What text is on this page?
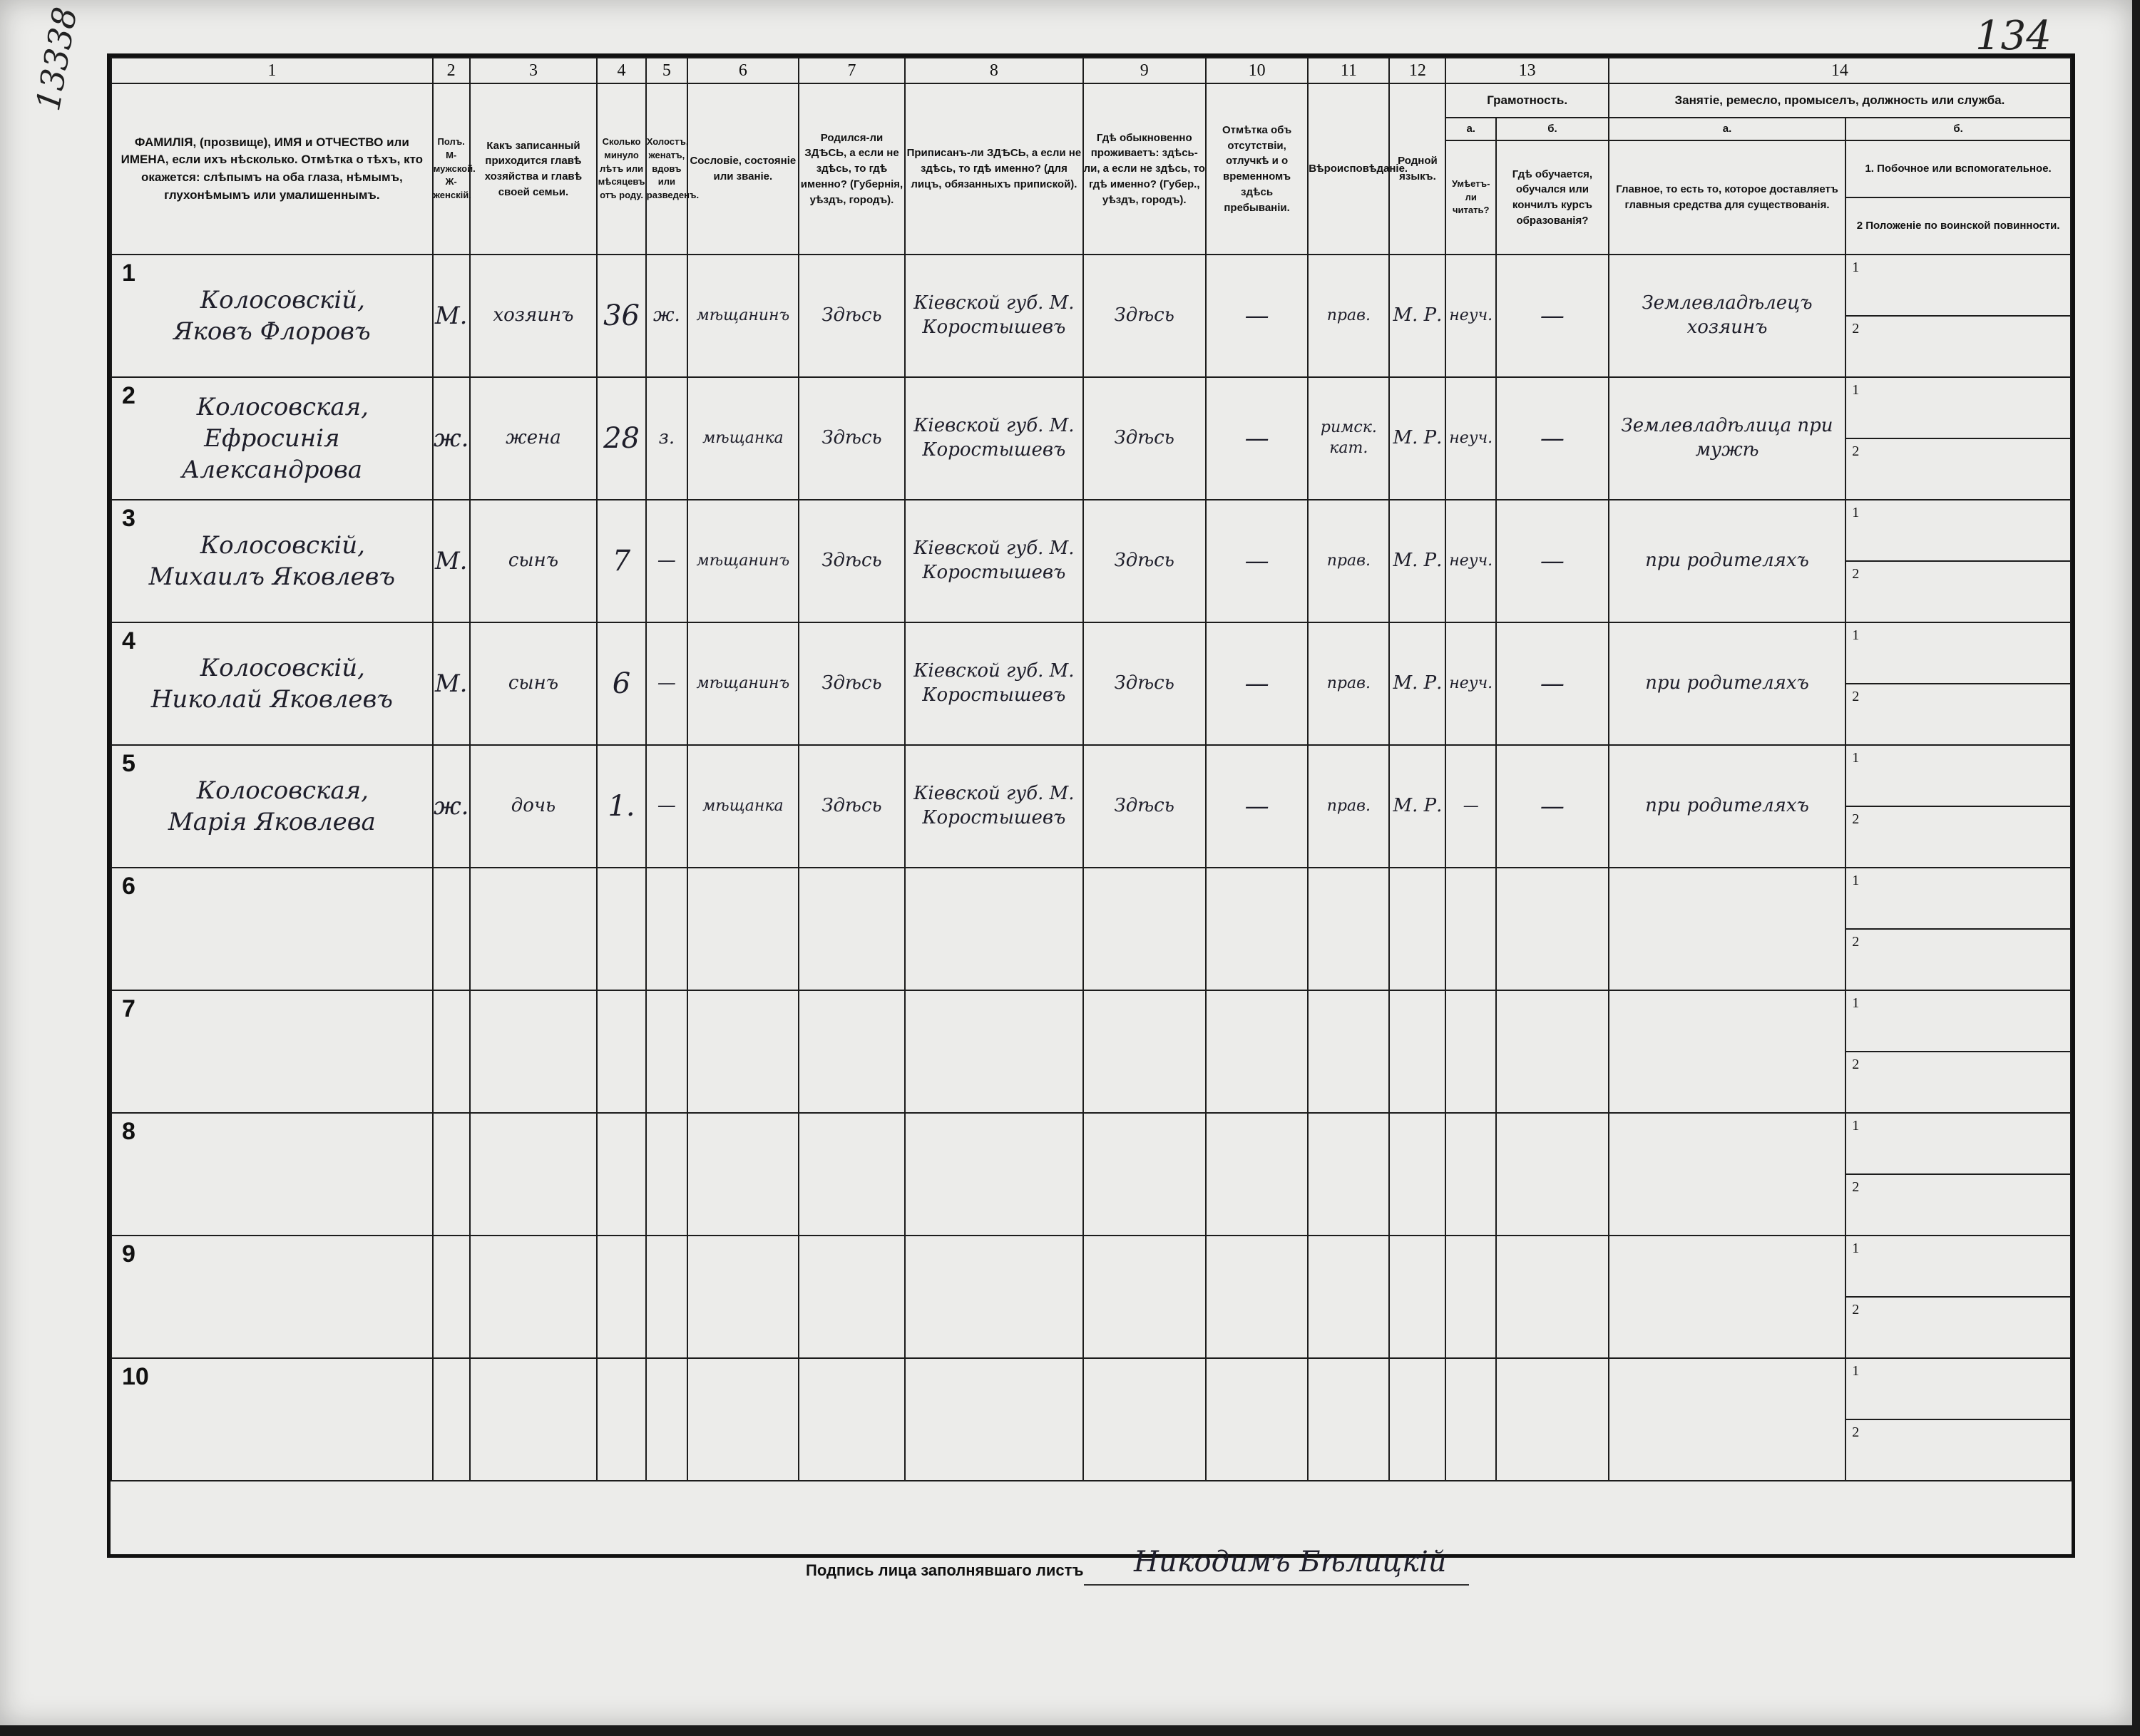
13338	134
1	2	3	4	5	6	7	8	9	10	11	12	13		14	
ФАМИЛІЯ, (прозвище), ИМЯ и ОТЧЕСТВО или ИМЕНА, если ихъ нѣсколько. Отмѣтка о тѣхъ, кто окажется: слѣпымъ на оба глаза, нѣмымъ, глухонѣмымъ или умалишеннымъ.	Полъ. М-мужской. Ж-женскій.	Какъ записанный приходится главѣ хозяйства и главѣ своей семьи.	Сколько минуло лѣтъ или мѣсяцевъ отъ роду.	Холостъ, женатъ, вдовъ или разведенъ.	Сословіе, состояніе или званіе.	Родился-ли ЗДѢСЬ, а если не здѣсь, то гдѣ именно? (Губернія, уѣздъ, городъ).	Приписанъ-ли ЗДѢСЬ, а если не здѣсь, то гдѣ именно? (для лицъ, обязанныхъ припиской).	Гдѣ обыкновенно проживаетъ: здѣсь-ли, а если не здѣсь, то гдѣ именно? (Губер., уѣздъ, городъ).	Отмѣтка объ отсутствіи, отлучкѣ и о временномъ здѣсь пребываніи.	Вѣроисповѣданіе.	Родной языкъ.	Грамотность.		Занятіе, ремесло, промыселъ, должность или служба.	
												а.	б.	а.	б.
												Умѣетъ-ли читать?	Гдѣ обучается, обучался или кончилъ курсъ образованія?	Главное, то есть то, которое доставляетъ главныя средства для существованія.	1. Побочное или вспомогательное.
2 Положеніе по воинской повинности.

1
Колосовскій,
Яковъ Флоровъ	М.	хозяинъ	36	ж.	мѣщанинъ	Здѣсь	Кіевской губ. М. Коростышевъ	Здѣсь	—	прав.	М. Р.	неуч.	—	Землевладѣлецъ хозяинъ	1

															2

2 Колосовская,
Ефросинія Александрова	ж.	жена	28	з.	мѣщанка	Здѣсь	Кіевской губ. М. Коростышевъ	Здѣсь	—	римск. кат.	М. Р.	неуч.	—	Землевладѣлица при мужѣ	1

															2

3
Колосовскій,
Михаилъ Яковлевъ	М.	сынъ	7	—	мѣщанинъ	Здѣсь	Кіевской губ. М. Коростышевъ	Здѣсь	—	прав.	М. Р.	неуч.	—	при родителяхъ	1

															2

4
Колосовскій,
Николай Яковлевъ	М.	сынъ	6	—	мѣщанинъ	Здѣсь	Кіевской губ. М. Коростышевъ	Здѣсь	—	прав.	М. Р.	неуч.	—	при родителяхъ	1

															2

5
Колосовская,
Марія Яковлева	ж.	дочь	1.	—	мѣщанка	Здѣсь	Кіевской губ. М. Коростышевъ	Здѣсь	—	прав.	М. Р.	—	—	при родителяхъ	1

															2

6															1

															2

7															1

															2

8															1

															2

9															1

															2

10															1

															2
Подпись лица заполнявшаго листъ Никодимъ Бѣлицкій
